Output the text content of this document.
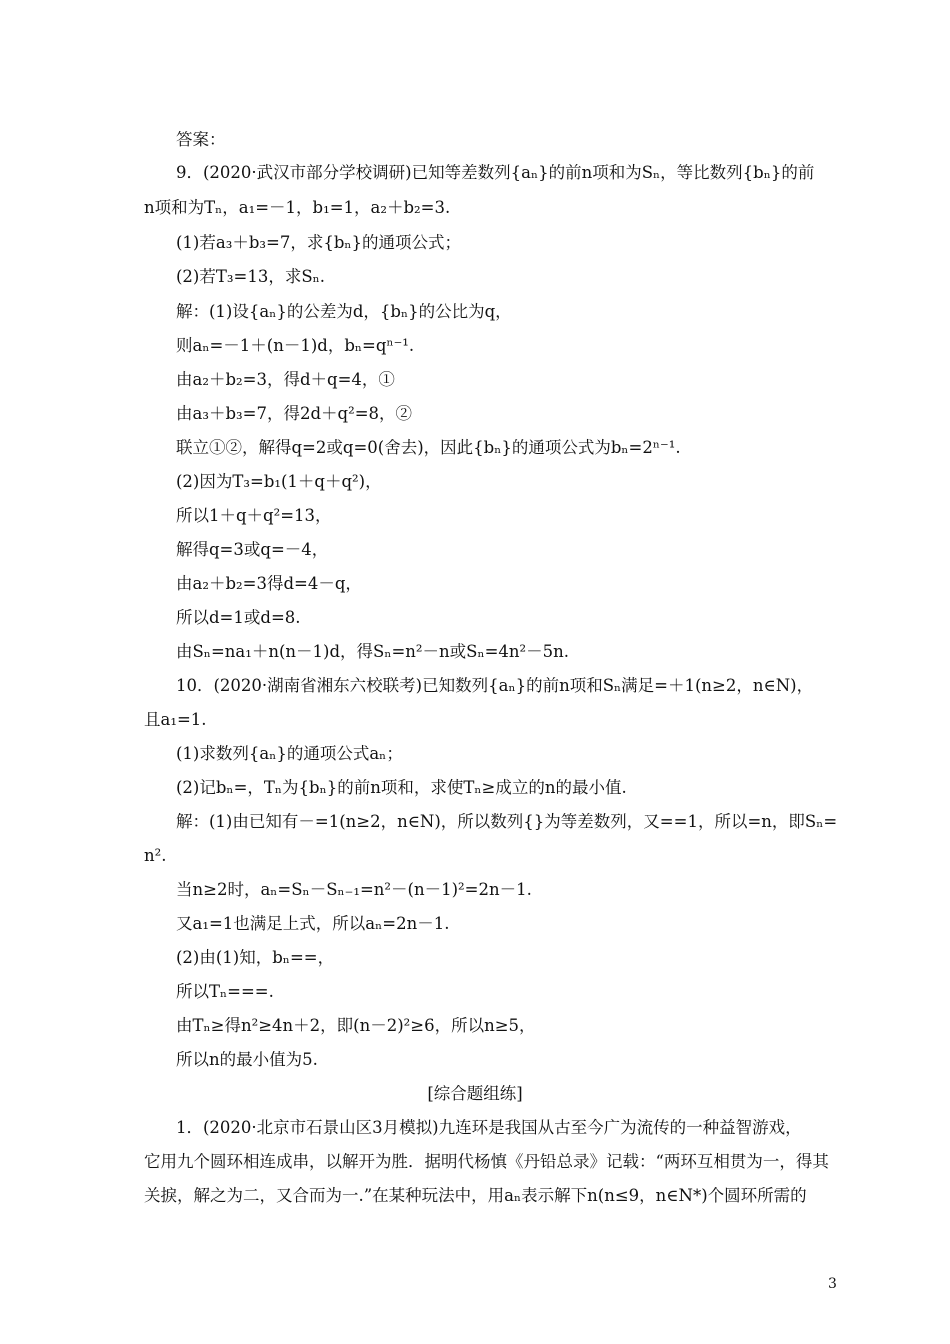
答案：
9．(2020·武汉市部分学校调研)已知等差数列{aₙ}的前n项和为Sₙ，等比数列{bₙ}的前
n项和为Tₙ，a₁=－1，b₁=1，a₂＋b₂=3.
(1)若a₃＋b₃=7，求{bₙ}的通项公式；
(2)若T₃=13，求Sₙ.
解：(1)设{aₙ}的公差为d，{bₙ}的公比为q，
则aₙ=－1＋(n－1)d，bₙ=qⁿ⁻¹.
由a₂＋b₂=3，得d＋q=4，①
由a₃＋b₃=7，得2d＋q²=8，②
联立①②，解得q=2或q=0(舍去)，因此{bₙ}的通项公式为bₙ=2ⁿ⁻¹.
(2)因为T₃=b₁(1＋q＋q²)，
所以1＋q＋q²=13，
解得q=3或q=－4，
由a₂＋b₂=3得d=4－q，
所以d=1或d=8.
由Sₙ=na₁＋n(n－1)d，得Sₙ=n²－n或Sₙ=4n²－5n.
10．(2020·湖南省湘东六校联考)已知数列{aₙ}的前n项和Sₙ满足=＋1(n≥2，n∈N)，
且a₁=1.
(1)求数列{aₙ}的通项公式aₙ；
(2)记bₙ=，Tₙ为{bₙ}的前n项和，求使Tₙ≥成立的n的最小值.
解：(1)由已知有－=1(n≥2，n∈N)，所以数列{}为等差数列，又==1，所以=n，即Sₙ=
n².
当n≥2时，aₙ=Sₙ－Sₙ₋₁=n²－(n－1)²=2n－1.
又a₁=1也满足上式，所以aₙ=2n－1.
(2)由(1)知，bₙ==，
所以Tₙ===.
由Tₙ≥得n²≥4n＋2，即(n－2)²≥6，所以n≥5，
所以n的最小值为5.
[综合题组练]
1．(2020·北京市石景山区3月模拟)九连环是我国从古至今广为流传的一种益智游戏，
它用九个圆环相连成串，以解开为胜．据明代杨慎《丹铅总录》记载：“两环互相贯为一，得其
关捩，解之为二，又合而为一.”在某种玩法中，用aₙ表示解下n(n≤9，n∈N*)个圆环所需的
3
